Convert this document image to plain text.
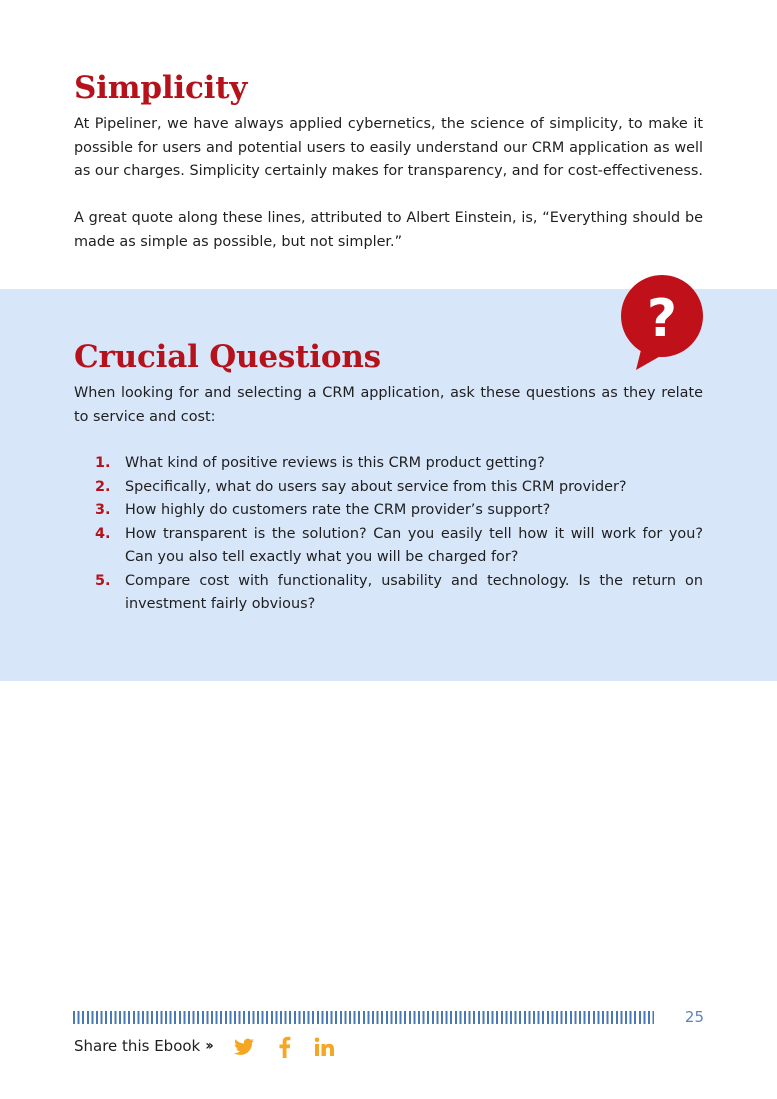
Simplicity

At Pipeliner, we have always applied cybernetics, the science of simplicity, to make it possible for users and potential users to easily understand our CRM application as well as our charges. Simplicity certainly makes for transparency, and for cost-effectiveness.

A great quote along these lines, attributed to Albert Einstein, is, “Everything should be made as simple as possible, but not simpler.”

?
Crucial Questions

When looking for and selecting a CRM application, ask these questions as they relate to service and cost:

1. What kind of positive reviews is this CRM product getting?
2. Specifically, what do users say about service from this CRM provider?
3. How highly do customers rate the CRM provider’s support?
4. How transparent is the solution? Can you easily tell how it will work for you? Can you also tell exactly what you will be charged for?
5. Compare cost with functionality, usability and technology. Is the return on investment fairly obvious?
25
Share this Ebook ››
